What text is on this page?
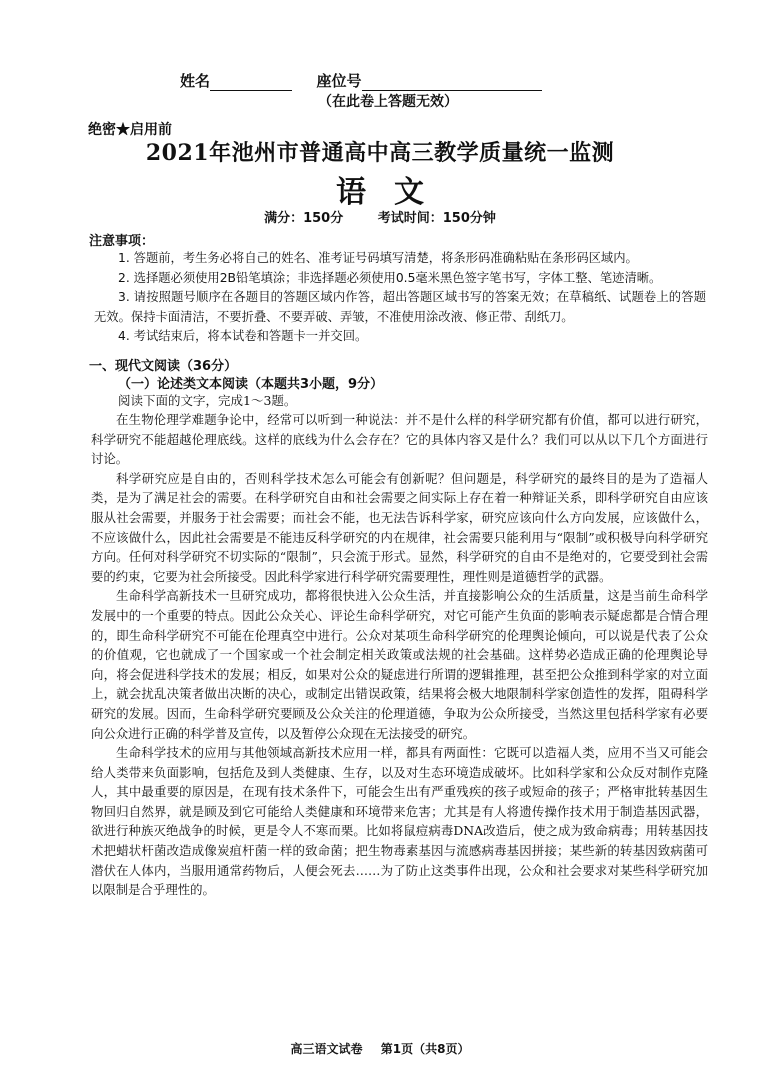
姓名	座位号
（在此卷上答题无效）
绝密★启用前
2021年池州市普通高中高三教学质量统一监测
语文
满分：150分	考试时间：150分钟
注意事项：

1. 答题前，考生务必将自己的姓名、准考证号码填写清楚，将条形码准确粘贴在条形码区域内。

2. 选择题必须使用2B铅笔填涂；非选择题必须使用0.5毫米黑色签字笔书写，字体工整、笔迹清晰。

3. 请按照题号顺序在各题目的答题区域内作答，超出答题区域书写的答案无效；在草稿纸、试题卷上的答题无效。保持卡面清洁，不要折叠、不要弄破、弄皱，不准使用涂改液、修正带、刮纸刀。

4. 考试结束后，将本试卷和答题卡一并交回。

一、现代文阅读（36分）
（一）论述类文本阅读（本题共3小题，9分）
阅读下面的文字，完成1～3题。

在生物伦理学难题争论中，经常可以听到一种说法：并不是什么样的科学研究都有价值，都可以进行研究，科学研究不能超越伦理底线。这样的底线为什么会存在？它的具体内容又是什么？我们可以从以下几个方面进行讨论。

科学研究应是自由的，否则科学技术怎么可能会有创新呢？但问题是，科学研究的最终目的是为了造福人类，是为了满足社会的需要。在科学研究自由和社会需要之间实际上存在着一种辩证关系，即科学研究自由应该服从社会需要，并服务于社会需要；而社会不能，也无法告诉科学家，研究应该向什么方向发展，应该做什么，不应该做什么，因此社会需要是不能违反科学研究的内在规律，社会需要只能利用与“限制”或积极导向科学研究方向。任何对科学研究不切实际的“限制”，只会流于形式。显然，科学研究的自由不是绝对的，它要受到社会需要的约束，它要为社会所接受。因此科学家进行科学研究需要理性，理性则是道德哲学的武器。

生命科学高新技术一旦研究成功，都将很快进入公众生活，并直接影响公众的生活质量，这是当前生命科学发展中的一个重要的特点。因此公众关心、评论生命科学研究，对它可能产生负面的影响表示疑虑都是合情合理的，即生命科学研究不可能在伦理真空中进行。公众对某项生命科学研究的伦理舆论倾向，可以说是代表了公众的价值观，它也就成了一个国家或一个社会制定相关政策或法规的社会基础。这样势必造成正确的伦理舆论导向，将会促进科学技术的发展；相反，如果对公众的疑虑进行所谓的逻辑推理，甚至把公众推到科学家的对立面上，就会扰乱决策者做出决断的决心，或制定出错误政策，结果将会极大地限制科学家创造性的发挥，阻碍科学研究的发展。因而，生命科学研究要顾及公众关注的伦理道德，争取为公众所接受，当然这里包括科学家有必要向公众进行正确的科学普及宣传，以及暂停公众现在无法接受的研究。

生命科学技术的应用与其他领域高新技术应用一样，都具有两面性：它既可以造福人类，应用不当又可能会给人类带来负面影响，包括危及到人类健康、生存，以及对生态环境造成破坏。比如科学家和公众反对制作克隆人，其中最重要的原因是，在现有技术条件下，可能会生出有严重残疾的孩子或短命的孩子；严格审批转基因生物回归自然界，就是顾及到它可能给人类健康和环境带来危害；尤其是有人将遗传操作技术用于制造基因武器，欲进行种族灭绝战争的时候，更是令人不寒而栗。比如将鼠痘病毒DNA改造后，使之成为致命病毒；用转基因技术把蜡状杆菌改造成像炭疽杆菌一样的致命菌；把生物毒素基因与流感病毒基因拼接；某些新的转基因致病菌可潜伏在人体内，当服用通常药物后，人便会死去……为了防止这类事件出现，公众和社会要求对某些科学研究加以限制是合乎理性的。

高三语文试卷 第1页（共8页）
